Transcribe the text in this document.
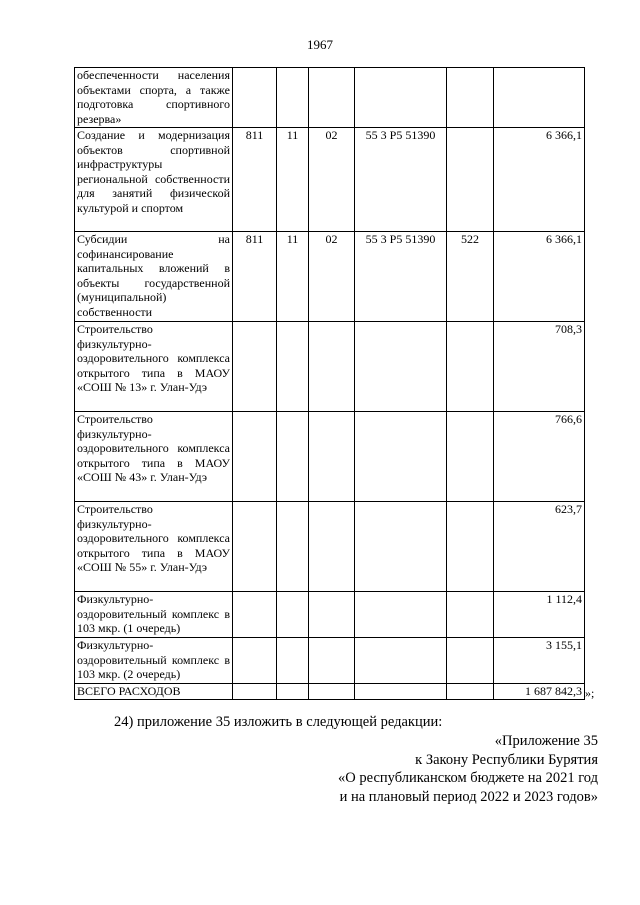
1967
обеспеченности населения объектами спорта, а также подготовка спортивного резерва»						
Создание и модернизация объектов спортивной инфраструктуры региональной собственности для занятий физической культурой и спортом	811	11	02	55 3 P5 51390		6 366,1
Субсидии на софинансирование капитальных вложений в объекты государственной (муниципальной) собственности	811	11	02	55 3 P5 51390	522	6 366,1
Строительство физкультурно-оздоровительного комплекса открытого типа в МАОУ «СОШ № 13» г. Улан-Удэ						708,3
Строительство физкультурно-оздоровительного комплекса открытого типа в МАОУ «СОШ № 43» г. Улан-Удэ						766,6
Строительство физкультурно-оздоровительного комплекса открытого типа в МАОУ «СОШ № 55» г. Улан-Удэ						623,7
Физкультурно-оздоровительный комплекс в 103 мкр. (1 очередь)						1 112,4
Физкультурно-оздоровительный комплекс в 103 мкр. (2 очередь)						3 155,1
ВСЕГО РАСХОДОВ						1 687 842,3 »;
24) приложение 35 изложить в следующей редакции:
«Приложение 35
к Закону Республики Бурятия
«О республиканском бюджете на 2021 год
и на плановый период 2022 и 2023 годов»
